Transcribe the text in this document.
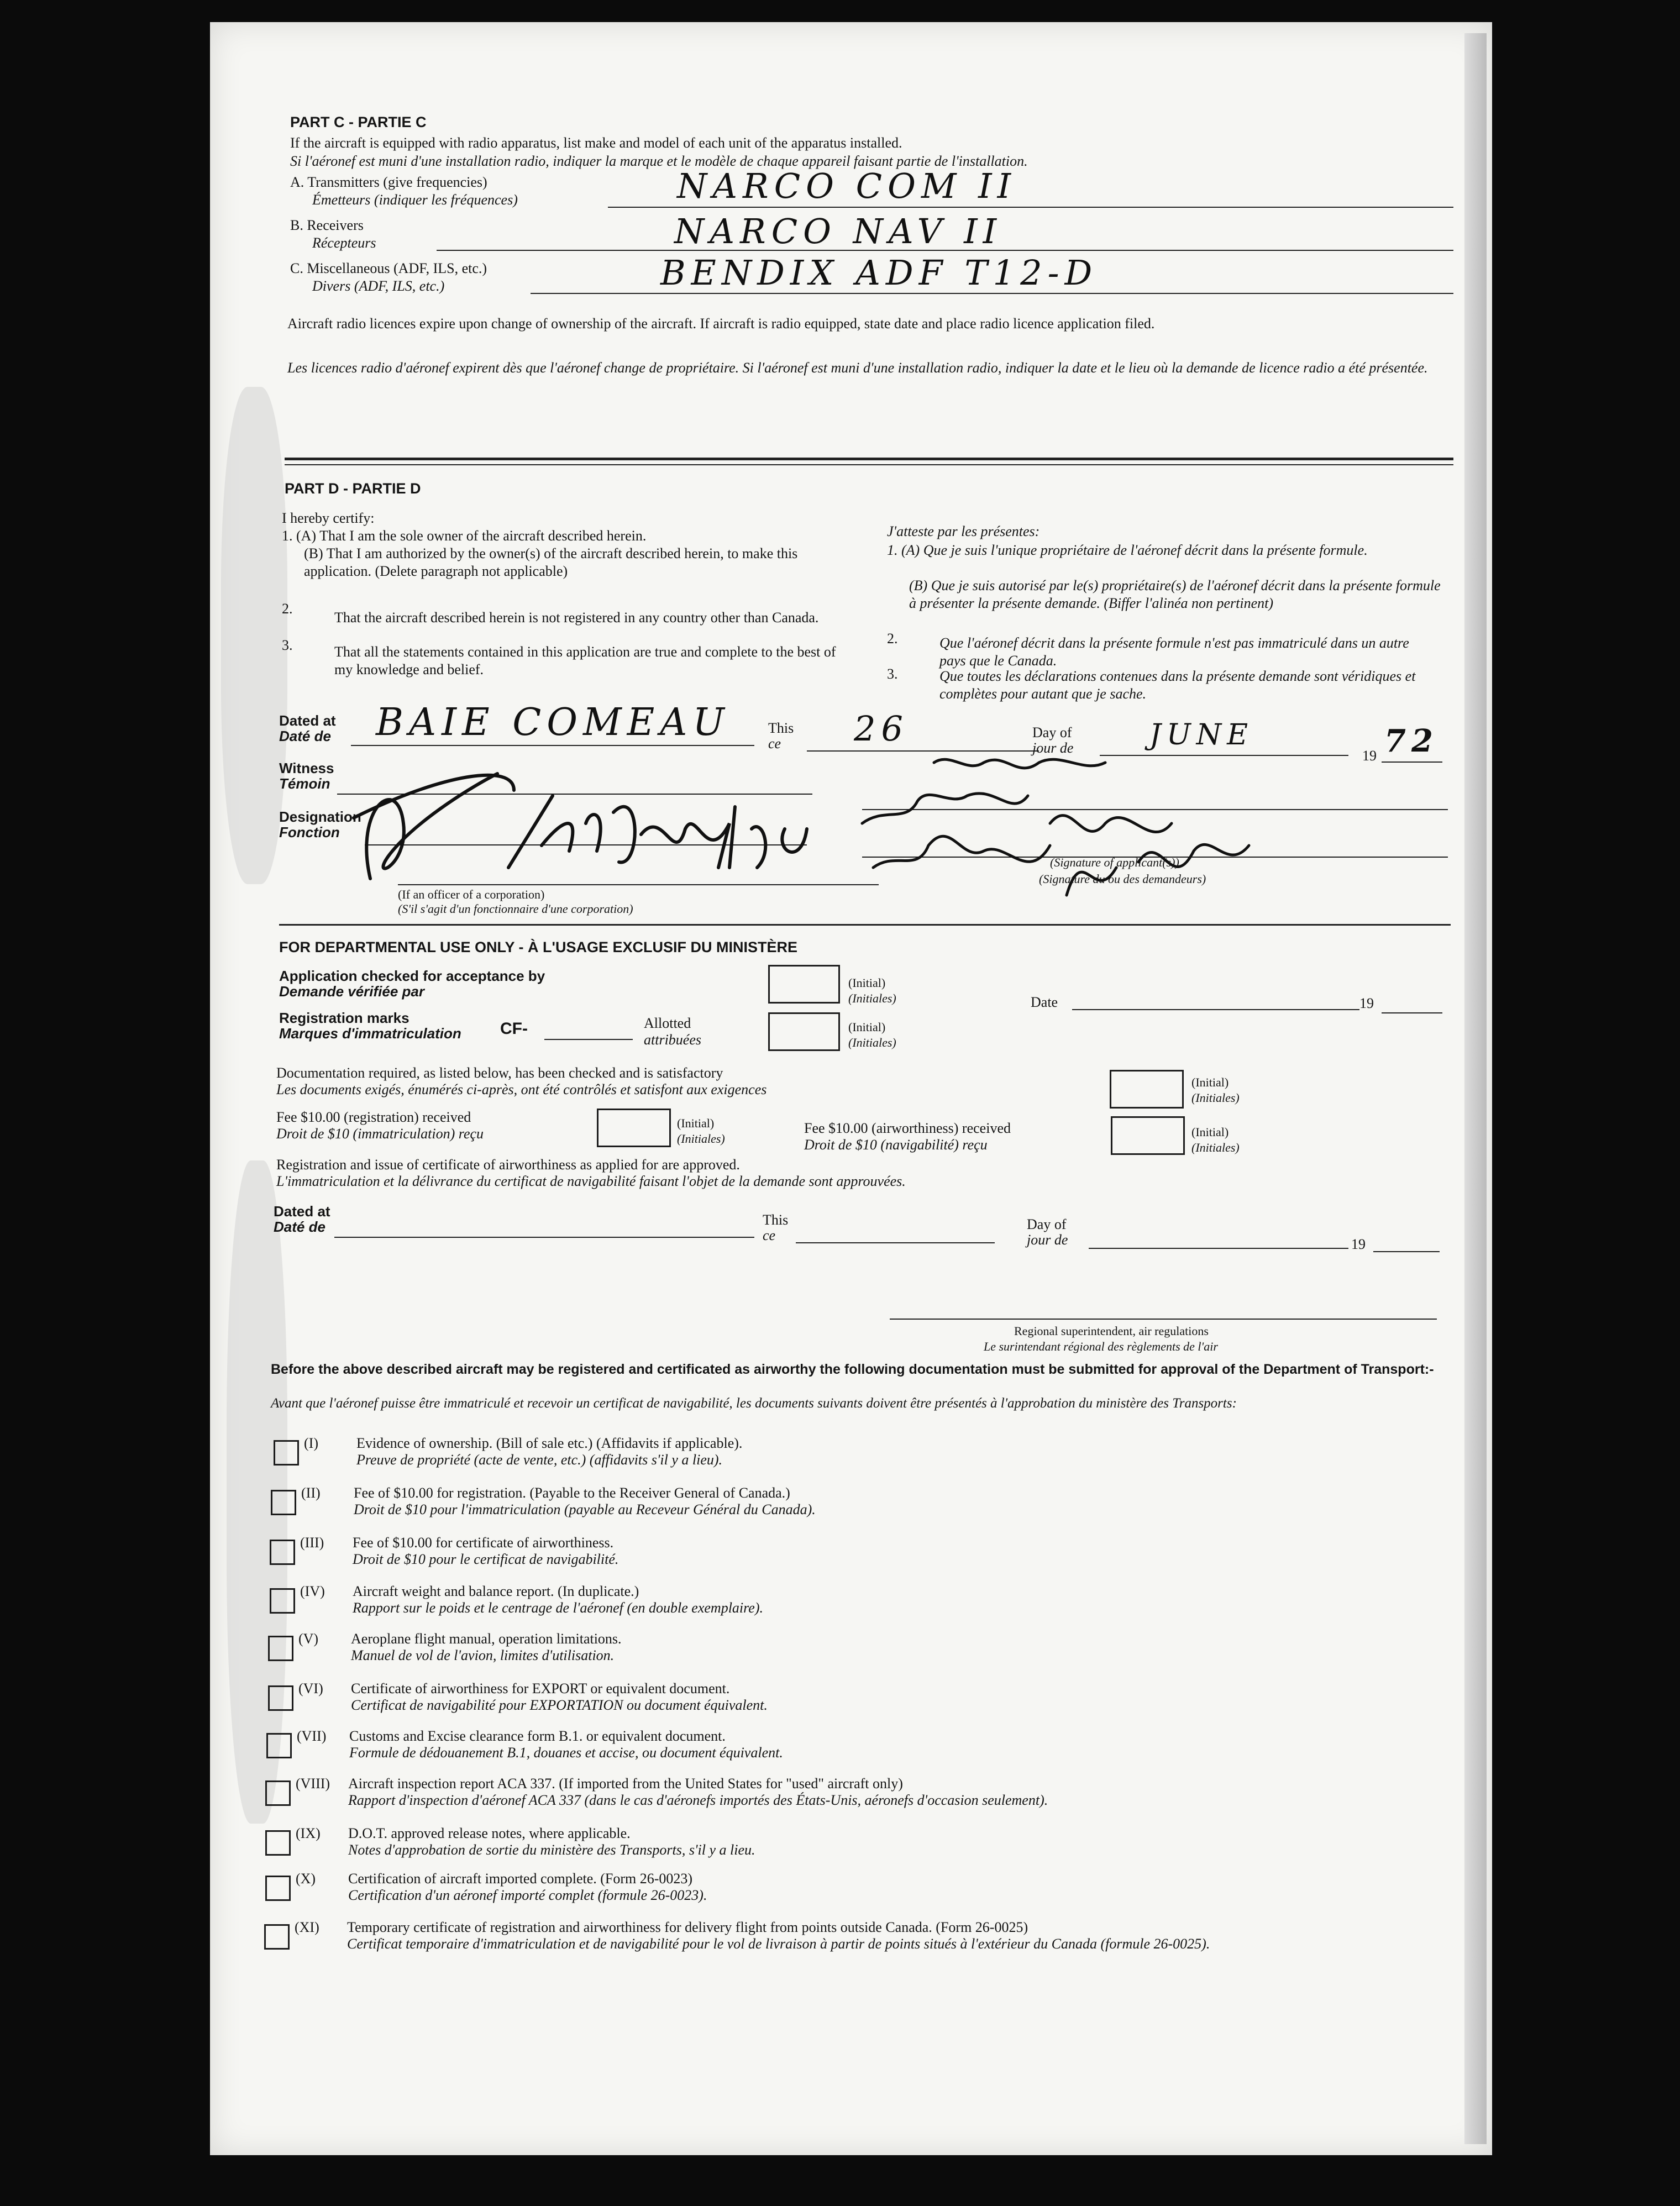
PART C - PARTIE C
If the aircraft is equipped with radio apparatus, list make and model of each unit of the apparatus installed.
Si l'aéronef est muni d'une installation radio, indiquer la marque et le modèle de chaque appareil faisant partie de l'installation.
A. Transmitters (give frequencies)
Émetteurs (indiquer les fréquences)	NARCO COM II
B. Receivers
Récepteurs	NARCO NAV II
C. Miscellaneous (ADF, ILS, etc.)
Divers (ADF, ILS, etc.)	BENDIX ADF T12-D
Aircraft radio licences expire upon change of ownership of the aircraft. If aircraft is radio equipped, state date and place radio licence application filed.
Les licences radio d'aéronef expirent dès que l'aéronef change de propriétaire. Si l'aéronef est muni d'une installation radio, indiquer la date et le lieu où la demande de licence radio a été présentée.
PART D - PARTIE D
I hereby certify:
1. (A) That I am the sole owner of the aircraft described herein.
(B) That I am authorized by the owner(s) of the aircraft described herein, to make this application. (Delete paragraph not applicable)
2.
That the aircraft described herein is not registered in any country other than Canada.
3.	That all the statements contained in this application are true and complete to the best of my knowledge and belief.
J'atteste par les présentes:
1. (A) Que je suis l'unique propriétaire de l'aéronef décrit dans la présente formule.
(B) Que je suis autorisé par le(s) propriétaire(s) de l'aéronef décrit dans la présente formule à présenter la présente demande. (Biffer l'alinéa non pertinent)
2.	Que l'aéronef décrit dans la présente formule n'est pas immatriculé dans un autre pays que le Canada.
3.	Que toutes les déclarations contenues dans la présente demande sont véridiques et complètes pour autant que je sache.
Dated at
Daté de BAIE COMEAU	This
ce 26	Day of
jour de	JUNE
19 72
Witness
Témoin
Designation
Fonction
(Signature of applicant(s))
(Signature du ou des demandeurs)
(If an officer of a corporation)
(S'il s'agit d'un fonctionnaire d'une corporation)
FOR DEPARTMENTAL USE ONLY - À L'USAGE EXCLUSIF DU MINISTÈRE
Application checked for acceptance by
Demande vérifiée par
(Initial)
(Initiales)	Date	19
Registration marks
Marques d'immatriculation CF-	Allotted
attribuées
(Initial)
(Initiales)
Documentation required, as listed below, has been checked and is satisfactory
Les documents exigés, énumérés ci-après, ont été contrôlés et satisfont aux exigences	(Initial)
(Initiales)
Fee $10.00 (registration) received
Droit de $10 (immatriculation) reçu
(Initial)
(Initiales)
Fee $10.00 (airworthiness) received
Droit de $10 (navigabilité) reçu
(Initial)
(Initiales)
Registration and issue of certificate of airworthiness as applied for are approved.
L'immatriculation et la délivrance du certificat de navigabilité faisant l'objet de la demande sont approuvées.
Dated at
Daté de	This
ce
Day of
jour de	19
Regional superintendent, air regulations
Le surintendant régional des règlements de l'air
Before the above described aircraft may be registered and certificated as airworthy the following documentation must be submitted for approval of the Department of Transport:-
Avant que l'aéronef puisse être immatriculé et recevoir un certificat de navigabilité, les documents suivants doivent être présentés à l'approbation du ministère des Transports:
(I)	Evidence of ownership. (Bill of sale etc.) (Affidavits if applicable).
Preuve de propriété (acte de vente, etc.) (affidavits s'il y a lieu).
(II) Fee of $10.00 for registration. (Payable to the Receiver General of Canada.)
Droit de $10 pour l'immatriculation (payable au Receveur Général du Canada).
(III) Fee of $10.00 for certificate of airworthiness.
Droit de $10 pour le certificat de navigabilité.
(IV) Aircraft weight and balance report. (In duplicate.)
Rapport sur le poids et le centrage de l'aéronef (en double exemplaire).
(V) Aeroplane flight manual, operation limitations.
Manuel de vol de l'avion, limites d'utilisation.
(VI) Certificate of airworthiness for EXPORT or equivalent document.
Certificat de navigabilité pour EXPORTATION ou document équivalent.
(VII) Customs and Excise clearance form B.1. or equivalent document.
Formule de dédouanement B.1, douanes et accise, ou document équivalent.
(VIII) Aircraft inspection report ACA 337. (If imported from the United States for "used" aircraft only)
Rapport d'inspection d'aéronef ACA 337 (dans le cas d'aéronefs importés des États-Unis, aéronefs d'occasion seulement).
(IX) D.O.T. approved release notes, where applicable.
Notes d'approbation de sortie du ministère des Transports, s'il y a lieu.
(X) Certification of aircraft imported complete. (Form 26-0023)
Certification d'un aéronef importé complet (formule 26-0023).
(XI) Temporary certificate of registration and airworthiness for delivery flight from points outside Canada. (Form 26-0025)
Certificat temporaire d'immatriculation et de navigabilité pour le vol de livraison à partir de points situés à l'extérieur du Canada (formule 26-0025).
